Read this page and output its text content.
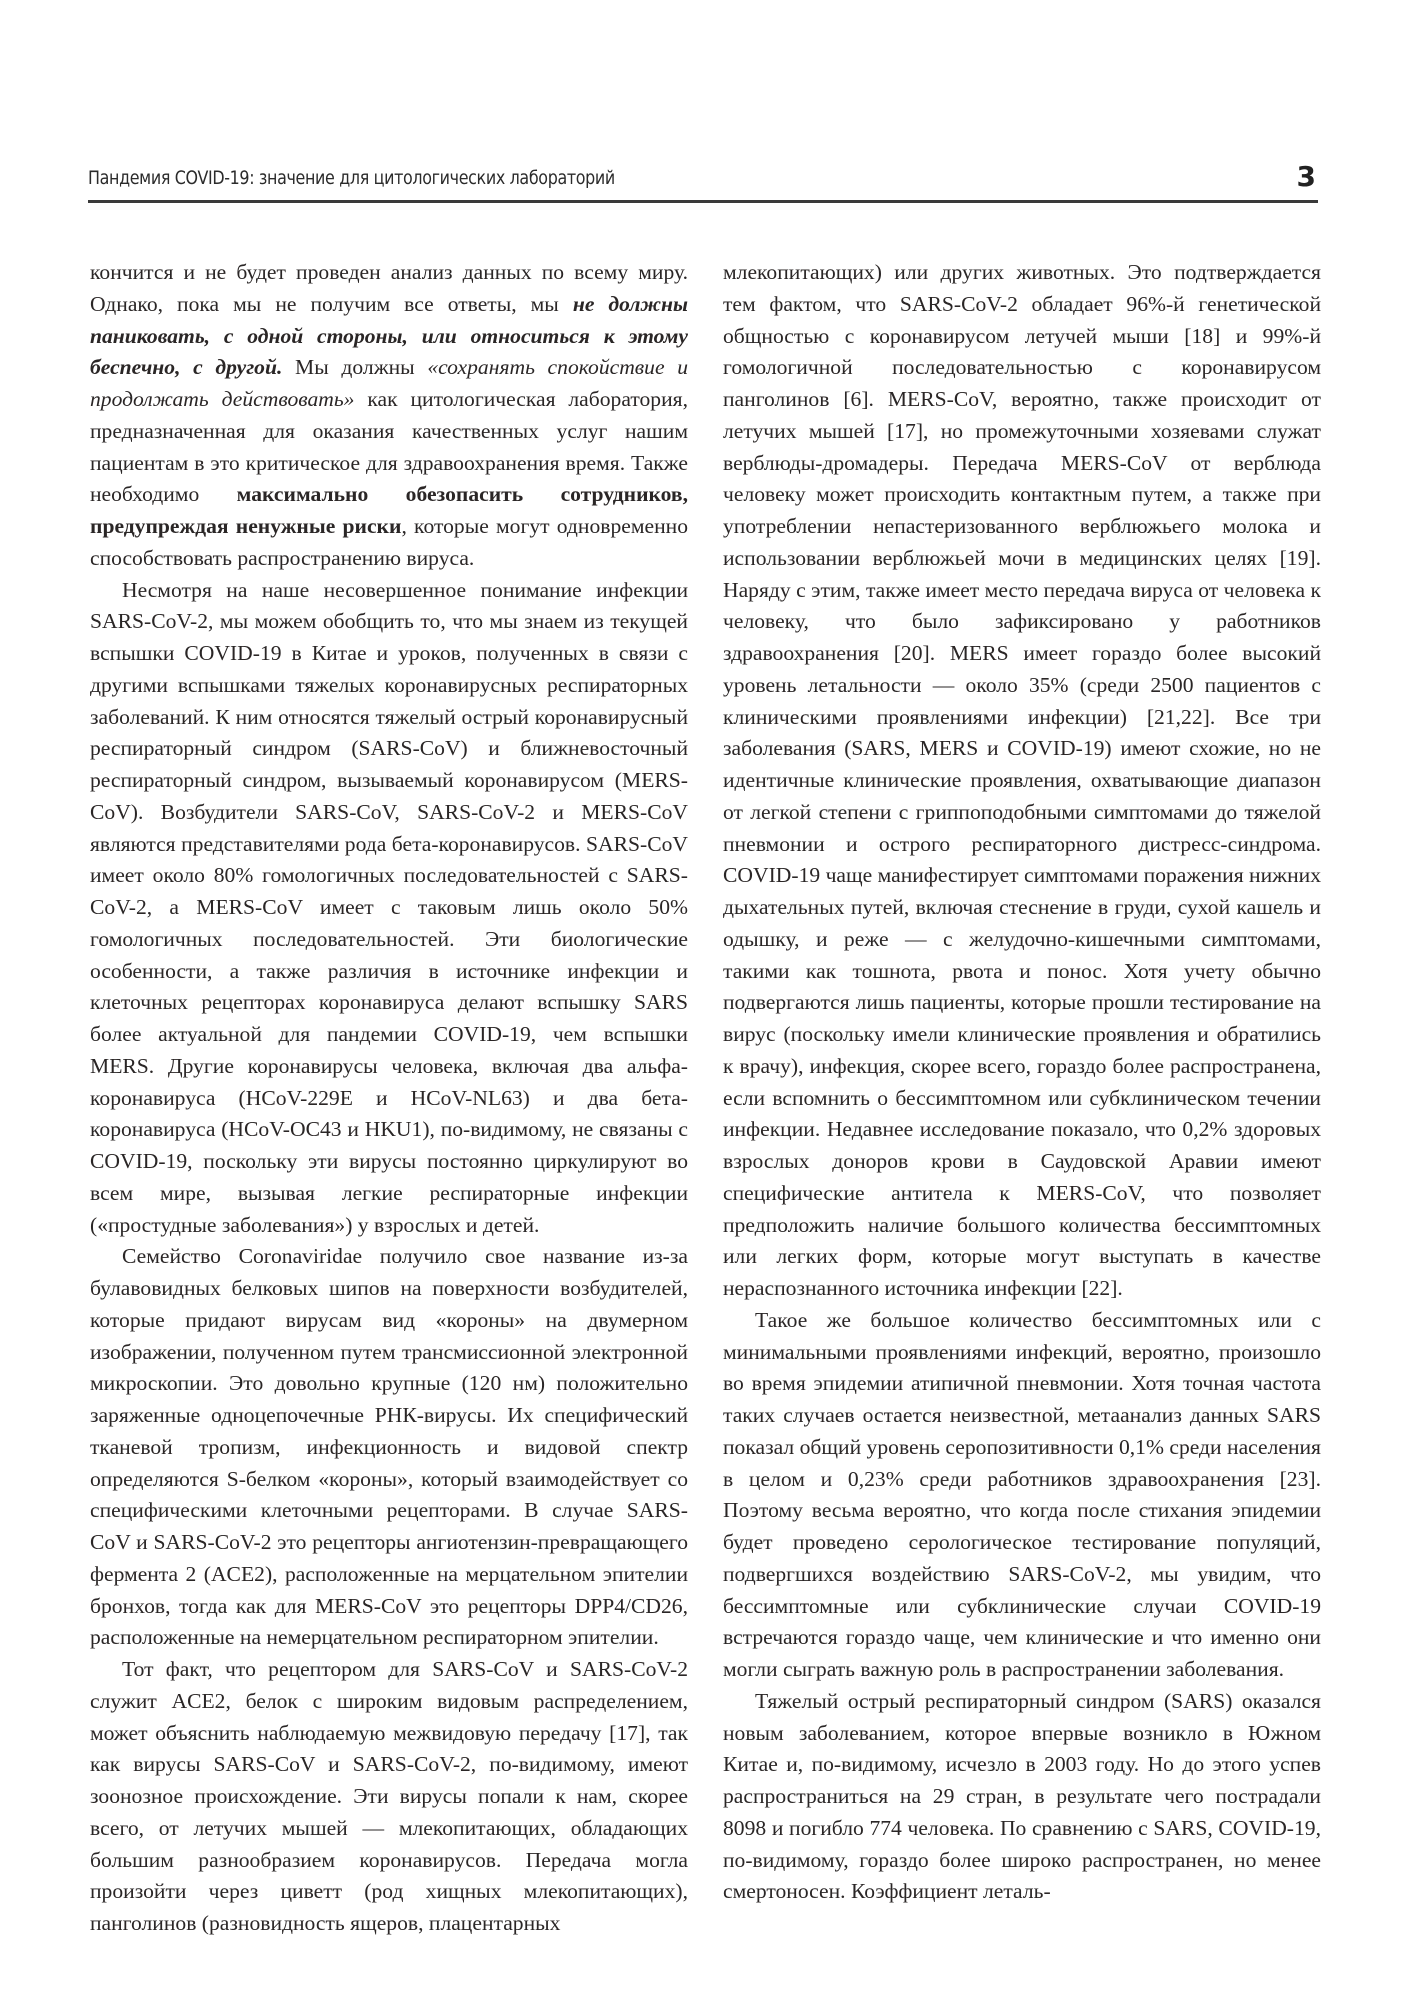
Пандемия COVID-19: значение для цитологических лабораторий	3

кончится и не будет проведен анализ данных по всему миру. Однако, пока мы не получим все ответы, мы не должны паниковать, с одной стороны, или относиться к этому беспечно, с другой. Мы должны «сохранять спокойствие и продолжать действовать» как цитологическая лаборатория, предназначенная для оказания качественных услуг нашим пациентам в это критическое для здравоохранения время. Также необходимо максимально обезопасить сотрудников, предупреждая ненужные риски, которые могут одновременно способствовать распространению вируса.

Несмотря на наше несовершенное понимание инфекции SARS-CoV-2, мы можем обобщить то, что мы знаем из текущей вспышки COVID-19 в Китае и уроков, полученных в связи с другими вспышками тяжелых коронавирусных респираторных заболеваний. К ним относятся тяжелый острый коронавирусный респираторный синдром (SARS-CoV) и ближневосточный респираторный синдром, вызываемый коронавирусом (MERS-CoV). Возбудители SARS-CoV, SARS-CoV-2 и MERS-CoV являются представителями рода бета-коронавирусов. SARS-CoV имеет около 80% гомологичных последовательностей с SARS-CoV-2, а MERS-CoV имеет с таковым лишь около 50% гомологичных последовательностей. Эти биологические особенности, а также различия в источнике инфекции и клеточных рецепторах коронавируса делают вспышку SARS более актуальной для пандемии COVID-19, чем вспышки MERS. Другие коронавирусы человека, включая два альфа-коронавируса (HCoV-229E и HCoV-NL63) и два бета-коронавируса (HCoV-OC43 и HKU1), по-видимому, не связаны с COVID-19, поскольку эти вирусы постоянно циркулируют во всем мире, вызывая легкие респираторные инфекции («простудные заболевания») у взрослых и детей.

Семейство Coronaviridae получило свое название из-за булавовидных белковых шипов на поверхности возбудителей, которые придают вирусам вид «короны» на двумерном изображении, полученном путем трансмиссионной электронной микроскопии. Это довольно крупные (120 нм) положительно заряженные одноцепочечные РНК-вирусы. Их специфический тканевой тропизм, инфекционность и видовой спектр определяются S-белком «короны», который взаимодействует со специфическими клеточными рецепторами. В случае SARS-CoV и SARS-CoV-2 это рецепторы ангиотензин-превращающего фермента 2 (ACE2), расположенные на мерцательном эпителии бронхов, тогда как для MERS-CoV это рецепторы DPP4/CD26, расположенные на немерцательном респираторном эпителии.

Тот факт, что рецептором для SARS-CoV и SARS-CoV-2 служит ACE2, белок с широким видовым распределением, может объяснить наблюдаемую межвидовую передачу [17], так как вирусы SARS-CoV и SARS-CoV-2, по-видимому, имеют зоонозное происхождение. Эти вирусы попали к нам, скорее всего, от летучих мышей — млекопитающих, обладающих большим разнообразием коронавирусов. Передача могла произойти через циветт (род хищных млекопитающих), панголинов (разновидность ящеров, плацентарных

млекопитающих) или других животных. Это подтверждается тем фактом, что SARS-CoV-2 обладает 96%-й генетической общностью с коронавирусом летучей мыши [18] и 99%-й гомологичной последовательностью с коронавирусом панголинов [6]. MERS-CoV, вероятно, также происходит от летучих мышей [17], но промежуточными хозяевами служат верблюды-дромадеры. Передача MERS-CoV от верблюда человеку может происходить контактным путем, а также при употреблении непастеризованного верблюжьего молока и использовании верблюжьей мочи в медицинских целях [19]. Наряду с этим, также имеет место передача вируса от человека к человеку, что было зафиксировано у работников здравоохранения [20]. MERS имеет гораздо более высокий уровень летальности — около 35% (среди 2500 пациентов с клиническими проявлениями инфекции) [21,22]. Все три заболевания (SARS, MERS и COVID-19) имеют схожие, но не идентичные клинические проявления, охватывающие диапазон от легкой степени с гриппоподобными симптомами до тяжелой пневмонии и острого респираторного дистресс-синдрома. COVID-19 чаще манифестирует симптомами поражения нижних дыхательных путей, включая стеснение в груди, сухой кашель и одышку, и реже — с желудочно-кишечными симптомами, такими как тошнота, рвота и понос. Хотя учету обычно подвергаются лишь пациенты, которые прошли тестирование на вирус (поскольку имели клинические проявления и обратились к врачу), инфекция, скорее всего, гораздо более распространена, если вспомнить о бессимптомном или субклиническом течении инфекции. Недавнее исследование показало, что 0,2% здоровых взрослых доноров крови в Саудовской Аравии имеют специфические антитела к MERS-CoV, что позволяет предположить наличие большого количества бессимптомных или легких форм, которые могут выступать в качестве нераспознанного источника инфекции [22].

Такое же большое количество бессимптомных или с минимальными проявлениями инфекций, вероятно, произошло во время эпидемии атипичной пневмонии. Хотя точная частота таких случаев остается неизвестной, метаанализ данных SARS показал общий уровень серопозитивности 0,1% среди населения в целом и 0,23% среди работников здравоохранения [23]. Поэтому весьма вероятно, что когда после стихания эпидемии будет проведено серологическое тестирование популяций, подвергшихся воздействию SARS-CoV-2, мы увидим, что бессимптомные или субклинические случаи COVID-19 встречаются гораздо чаще, чем клинические и что именно они могли сыграть важную роль в распространении заболевания.

Тяжелый острый респираторный синдром (SARS) оказался новым заболеванием, которое впервые возникло в Южном Китае и, по-видимому, исчезло в 2003 году. Но до этого успев распространиться на 29 стран, в результате чего пострадали 8098 и погибло 774 человека. По сравнению с SARS, COVID-19, по-видимому, гораздо более широко распространен, но менее смертоносен. Коэффициент леталь-
